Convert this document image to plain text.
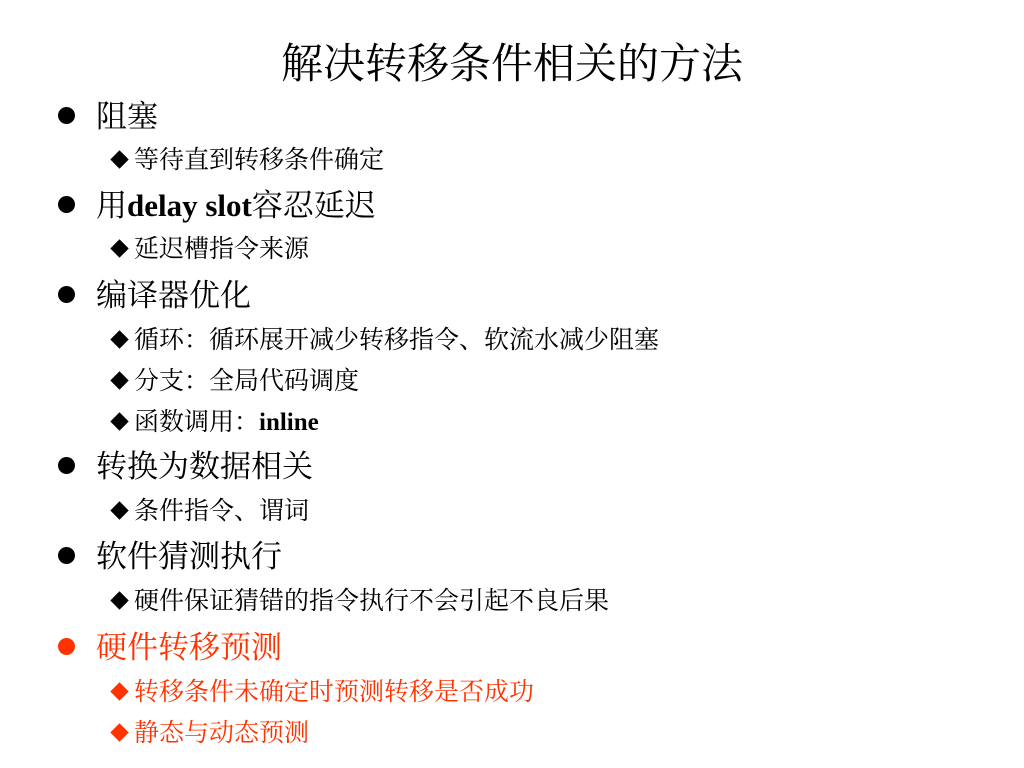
解决转移条件相关的方法
阻塞
等待直到转移条件确定
用delay slot容忍延迟
延迟槽指令来源
编译器优化
循环：循环展开减少转移指令、软流水减少阻塞
分支：全局代码调度
函数调用：inline
转换为数据相关
条件指令、谓词
软件猜测执行
硬件保证猜错的指令执行不会引起不良后果
硬件转移预测
转移条件未确定时预测转移是否成功
静态与动态预测
